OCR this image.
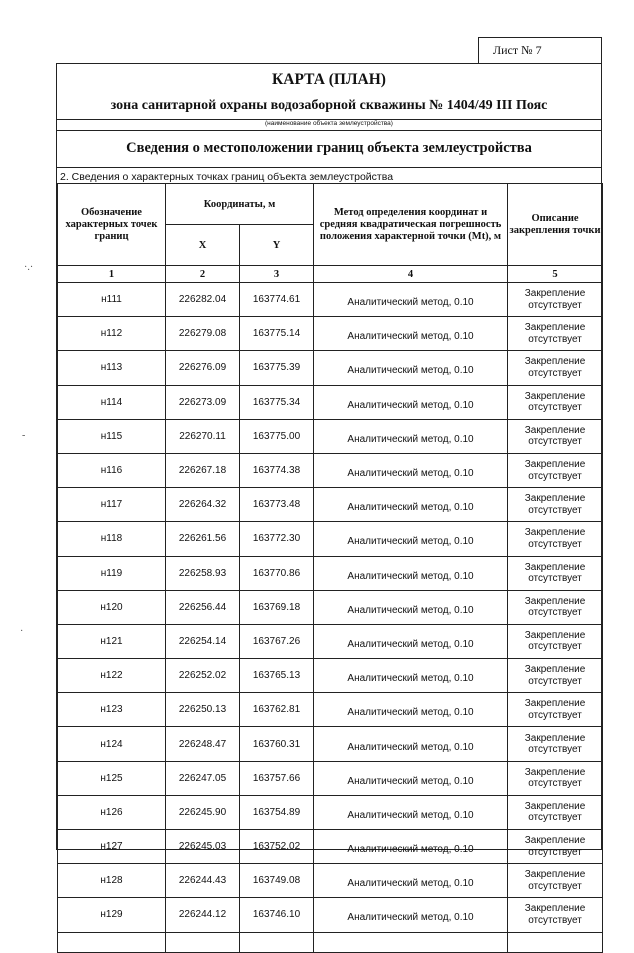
Лист № 7
КАРТА (ПЛАН)
зона санитарной охраны водозаборной скважины № 1404/49 III Пояс
(наименование объекта землеустройства)
Сведения о местоположении границ объекта землеустройства
2. Сведения о характерных точках границ объекта землеустройства
Обозначение характерных точек границ	Координаты, м		Метод определения координат и средняя квадратическая погрешность положения характерной точки (Mt), м	Описание закрепления точки
	X	Y		
1	2	3	4	5
н111	226282.04	163774.61	Аналитический метод, 0.10	Закрепление отсутствует
н112	226279.08	163775.14	Аналитический метод, 0.10	Закрепление отсутствует
н113	226276.09	163775.39	Аналитический метод, 0.10	Закрепление отсутствует
н114	226273.09	163775.34	Аналитический метод, 0.10	Закрепление отсутствует
н115	226270.11	163775.00	Аналитический метод, 0.10	Закрепление отсутствует
н116	226267.18	163774.38	Аналитический метод, 0.10	Закрепление отсутствует
н117	226264.32	163773.48	Аналитический метод, 0.10	Закрепление отсутствует
н118	226261.56	163772.30	Аналитический метод, 0.10	Закрепление отсутствует
н119	226258.93	163770.86	Аналитический метод, 0.10	Закрепление отсутствует
н120	226256.44	163769.18	Аналитический метод, 0.10	Закрепление отсутствует
н121	226254.14	163767.26	Аналитический метод, 0.10	Закрепление отсутствует
н122	226252.02	163765.13	Аналитический метод, 0.10	Закрепление отсутствует
н123	226250.13	163762.81	Аналитический метод, 0.10	Закрепление отсутствует
н124	226248.47	163760.31	Аналитический метод, 0.10	Закрепление отсутствует
н125	226247.05	163757.66	Аналитический метод, 0.10	Закрепление отсутствует
н126	226245.90	163754.89	Аналитический метод, 0.10	Закрепление отсутствует
н127	226245.03	163752.02	Аналитический метод, 0.10	Закрепление отсутствует
н128	226244.43	163749.08	Аналитический метод, 0.10	Закрепление отсутствует
н129	226244.12	163746.10	Аналитический метод, 0.10	Закрепление отсутствует

·.·
-
·
